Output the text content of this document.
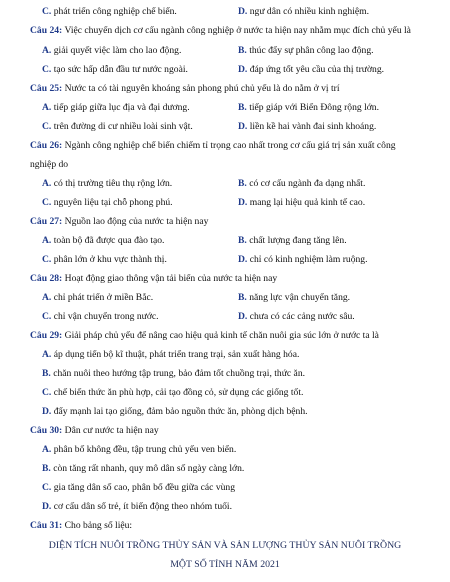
C. phát triển công nghiệp chế biến.	D. ngư dân có nhiều kinh nghiệm.
Câu 24: Việc chuyển dịch cơ cấu ngành công nghiệp ở nước ta hiện nay nhằm mục đích chủ yếu là
A. giải quyết việc làm cho lao động.	B. thúc đẩy sự phân công lao động.
C. tạo sức hấp dẫn đầu tư nước ngoài.	D. đáp ứng tốt yêu cầu của thị trường.
Câu 25: Nước ta có tài nguyên khoáng sản phong phú chủ yếu là do nằm ở vị trí
A. tiếp giáp giữa lục địa và đại dương.	B. tiếp giáp với Biển Đông rộng lớn.
C. trên đường di cư nhiều loài sinh vật.	D. liền kề hai vành đai sinh khoáng.
Câu 26: Ngành công nghiệp chế biến chiếm tỉ trọng cao nhất trong cơ cấu giá trị sản xuất công
nghiệp do
A. có thị trường tiêu thụ rộng lớn.	B. có cơ cấu ngành đa dạng nhất.
C. nguyên liệu tại chỗ phong phú.	D. mang lại hiệu quả kinh tế cao.
Câu 27: Nguồn lao động của nước ta hiện nay
A. toàn bộ đã được qua đào tạo.	B. chất lượng đang tăng lên.
C. phân lớn ở khu vực thành thị.	D. chỉ có kinh nghiệm làm ruộng.
Câu 28: Hoạt động giao thông vận tải biển của nước ta hiện nay
A. chỉ phát triển ở miền Bắc.	B. năng lực vận chuyển tăng.
C. chỉ vận chuyển trong nước.	D. chưa có các cảng nước sâu.
Câu 29: Giải pháp chủ yếu để nâng cao hiệu quả kinh tế chăn nuôi gia súc lớn ở nước ta là
A. áp dụng tiến bộ kĩ thuật, phát triển trang trại, sản xuất hàng hóa.
B. chăn nuôi theo hướng tập trung, bảo đảm tốt chuồng trại, thức ăn.
C. chế biến thức ăn phù hợp, cải tạo đồng cỏ, sử dụng các giống tốt.
D. đẩy mạnh lai tạo giống, đảm bảo nguồn thức ăn, phòng dịch bệnh.
Câu 30: Dân cư nước ta hiện nay
A. phân bố không đều, tập trung chủ yếu ven biển.
B. còn tăng rất nhanh, quy mô dân số ngày càng lớn.
C. gia tăng dân số cao, phân bố đều giữa các vùng
D. cơ cấu dân số trẻ, ít biến động theo nhóm tuổi.
Câu 31: Cho bảng số liệu:
DIỆN TÍCH NUÔI TRỒNG THỦY SẢN VÀ SẢN LƯỢNG THỦY SẢN NUÔI TRỒNG
MỘT SỐ TỈNH NĂM 2021
